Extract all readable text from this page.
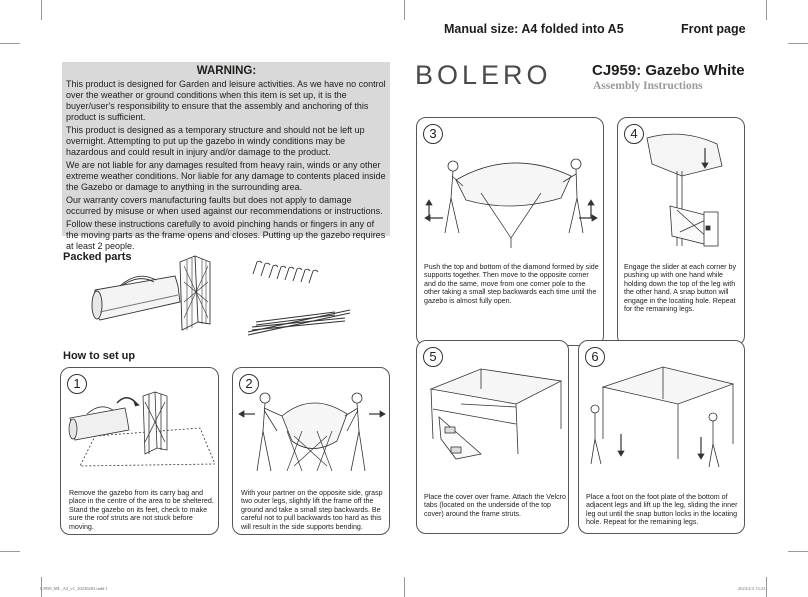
Manual size: A4 folded into A5	Front page
WARNING:

This product is designed for Garden and leisure activities. As we have no control over the weather or ground conditions when this item is set up, it is the buyer/user's responsibility to ensure that the assembly and anchoring of this product is sufficient.

This product is designed as a temporary structure and should not be left up overnight. Attempting to put up the gazebo in windy conditions may be hazardous and could result in injury and/or damage to the product.

We are not liable for any damages resulted from heavy rain, winds or any other extreme weather conditions. Nor liable for any damage to contents placed inside the Gazebo or damage to anything in the surrounding area.

Our warranty covers manufacturing faults but does not apply to damage occurred by misuse or when used against our recommendations or instructions.

Follow these instructions carefully to avoid pinching hands or fingers in any of the moving parts as the frame opens and closes. Putting up the gazebo requires at least 2 people.

Packed parts
How to set up
BOLERO	CJ959: Gazebo White
Assembly Instructions
1
Remove the gazebo from its carry bag and place in the centre of the area to be sheltered. Stand the gazebo on its feet, check to make sure the roof struts are not stuck before moving.
2
With your partner on the opposite side, grasp two outer legs, slightly lift the frame off the ground and take a small step backwards. Be careful not to pull backwards too hard as this will result in the side supports bending.
3
Push the top and bottom of the diamond formed by side supports together. Then move to the opposite corner and do the same, move from one corner pole to the other taking a small step backwards each time until the gazebo is almost fully open.
4
Engage the slider at each corner by pushing up with one hand while holding down the top of the leg with the other hand. A snap button will engage in the locating hole. Repeat for the remaining legs.
5
Place the cover over frame. Attach the Velcro tabs (located on the underside of the top cover) around the frame struts.
6
Place a foot on the foot plate of the bottom of adjacent legs and lift up the leg, sliding the inner leg out until the snap button locks in the locating hole. Repeat for the remaining legs.
CJ959_ML_A5_v1_20230203.indd 1	2023/2/3 13:23
